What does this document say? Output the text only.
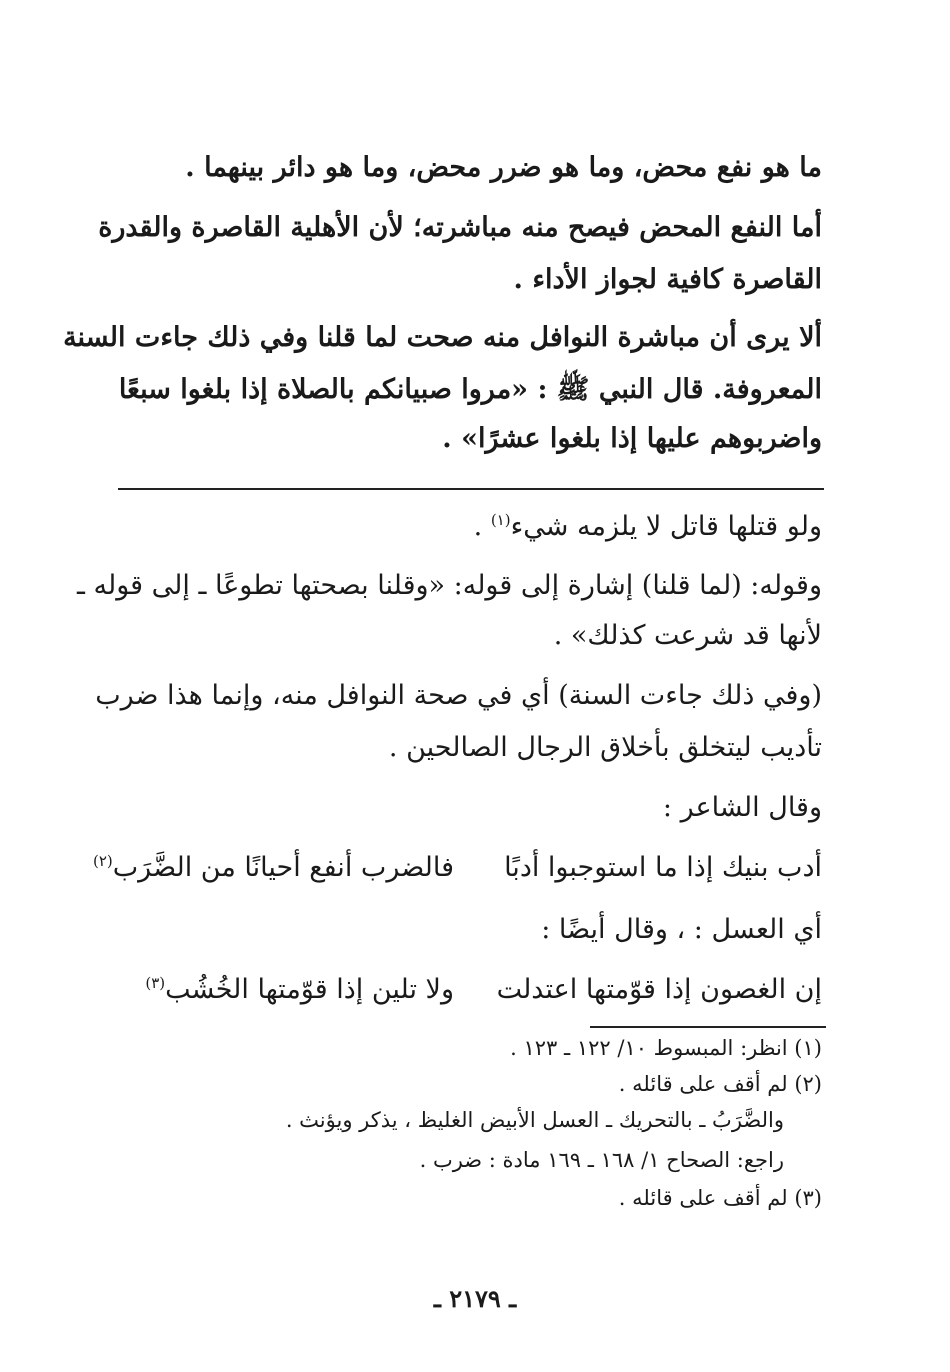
ما هو نفع محض، وما هو ضرر محض، وما هو دائر بينهما .
أما النفع المحض فيصح منه مباشرته؛ لأن الأهلية القاصرة والقدرة
القاصرة كافية لجواز الأداء .
ألا يرى أن مباشرة النوافل منه صحت لما قلنا وفي ذلك جاءت السنة
المعروفة. قال النبي ﷺ : «مروا صبيانكم بالصلاة إذا بلغوا سبعًا
واضربوهم عليها إذا بلغوا عشرًا» .
ولو قتلها قاتل لا يلزمه شيء$^{(١)}$ .
وقوله: (لما قلنا) إشارة إلى قوله: «وقلنا بصحتها تطوعًا ـ إلى قوله ـ
لأنها قد شرعت كذلك» .
(وفي ذلك جاءت السنة) أي في صحة النوافل منه، وإنما هذا ضرب
تأديب ليتخلق بأخلاق الرجال الصالحين .
وقال الشاعر :
أدب بنيك إذا ما استوجبوا أدبًا
فالضرب أنفع أحيانًا من الضَّرَب$^{(٢)}$
أي العسل : ، وقال أيضًا :
إن الغصون إذا قوّمتها اعتدلت
ولا تلين إذا قوّمتها الخُشُب$^{(٣)}$
(١) انظر: المبسوط ١٠/ ١٢٢ ـ ١٢٣ .
(٢) لم أقف على قائله .
والضَّرَبُ ـ بالتحريك ـ العسل الأبيض الغليظ ، يذكر ويؤنث .
راجع: الصحاح ١/ ١٦٨ ـ ١٦٩ مادة : ضرب .
(٣) لم أقف على قائله .
ـ ٢١٧٩ ـ
